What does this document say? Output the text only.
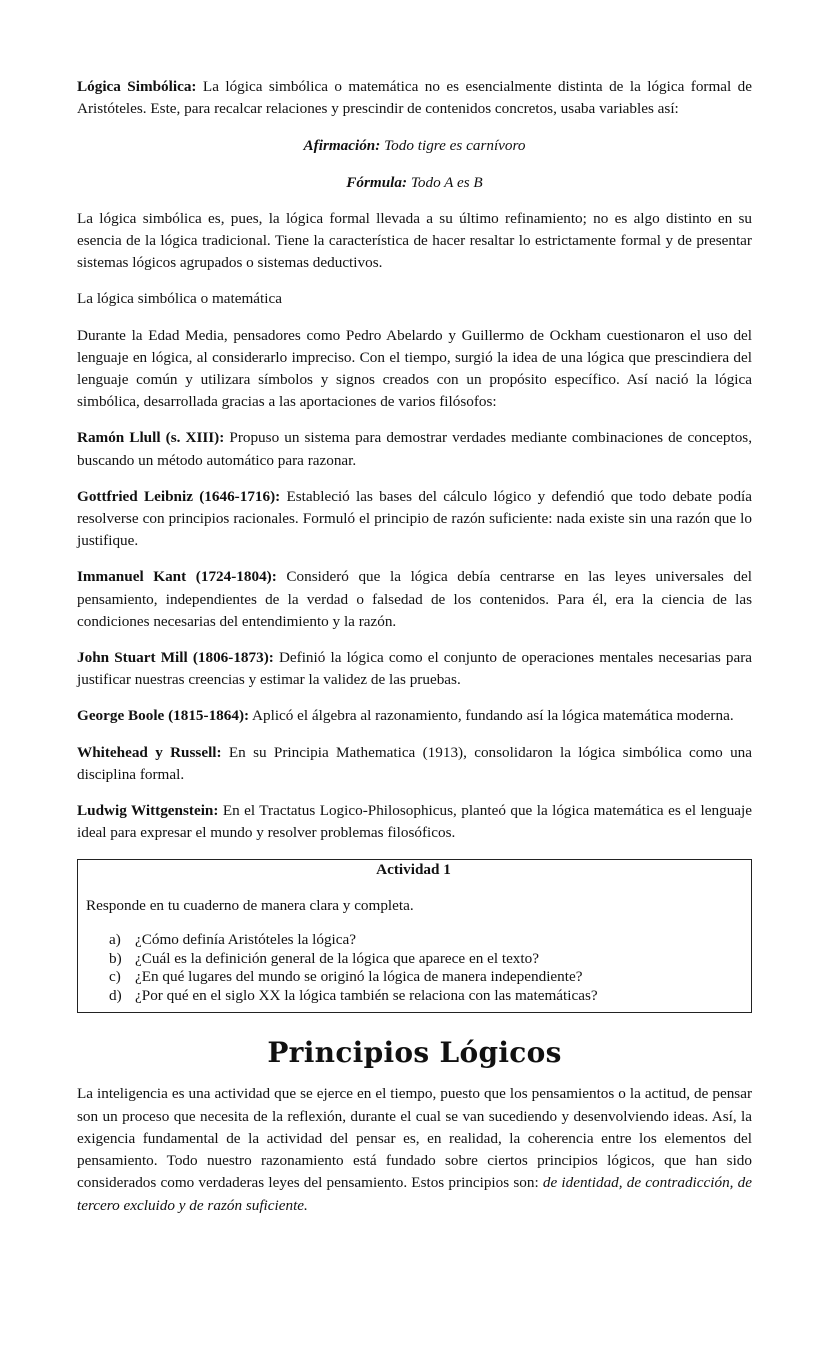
Lógica Simbólica: La lógica simbólica o matemática no es esencialmente distinta de la lógica formal de Aristóteles. Este, para recalcar relaciones y prescindir de contenidos concretos, usaba variables así:

Afirmación: Todo tigre es carnívoro

Fórmula: Todo A es B

La lógica simbólica es, pues, la lógica formal llevada a su último refinamiento; no es algo distinto en su esencia de la lógica tradicional. Tiene la característica de hacer resaltar lo estrictamente formal y de presentar sistemas lógicos agrupados o sistemas deductivos.

La lógica simbólica o matemática

Durante la Edad Media, pensadores como Pedro Abelardo y Guillermo de Ockham cuestionaron el uso del lenguaje en lógica, al considerarlo impreciso. Con el tiempo, surgió la idea de una lógica que prescindiera del lenguaje común y utilizara símbolos y signos creados con un propósito específico. Así nació la lógica simbólica, desarrollada gracias a las aportaciones de varios filósofos:

Ramón Llull (s. XIII): Propuso un sistema para demostrar verdades mediante combinaciones de conceptos, buscando un método automático para razonar.

Gottfried Leibniz (1646-1716): Estableció las bases del cálculo lógico y defendió que todo debate podía resolverse con principios racionales. Formuló el principio de razón suficiente: nada existe sin una razón que lo justifique.

Immanuel Kant (1724-1804): Consideró que la lógica debía centrarse en las leyes universales del pensamiento, independientes de la verdad o falsedad de los contenidos. Para él, era la ciencia de las condiciones necesarias del entendimiento y la razón.

John Stuart Mill (1806-1873): Definió la lógica como el conjunto de operaciones mentales necesarias para justificar nuestras creencias y estimar la validez de las pruebas.

George Boole (1815-1864): Aplicó el álgebra al razonamiento, fundando así la lógica matemática moderna.

Whitehead y Russell: En su Principia Mathematica (1913), consolidaron la lógica simbólica como una disciplina formal.

Ludwig Wittgenstein: En el Tractatus Logico-Philosophicus, planteó que la lógica matemática es el lenguaje ideal para expresar el mundo y resolver problemas filosóficos.

Actividad 1
Responde en tu cuaderno de manera clara y completa.
a) ¿Cómo definía Aristóteles la lógica?
b) ¿Cuál es la definición general de la lógica que aparece en el texto?
c) ¿En qué lugares del mundo se originó la lógica de manera independiente?
d) ¿Por qué en el siglo XX la lógica también se relaciona con las matemáticas?
Principios Lógicos

La inteligencia es una actividad que se ejerce en el tiempo, puesto que los pensamientos o la actitud, de pensar son un proceso que necesita de la reflexión, durante el cual se van sucediendo y desenvolviendo ideas. Así, la exigencia fundamental de la actividad del pensar es, en realidad, la coherencia entre los elementos del pensamiento. Todo nuestro razonamiento está fundado sobre ciertos principios lógicos, que han sido considerados como verdaderas leyes del pensamiento. Estos principios son: de identidad, de contradicción, de tercero excluido y de razón suficiente.
